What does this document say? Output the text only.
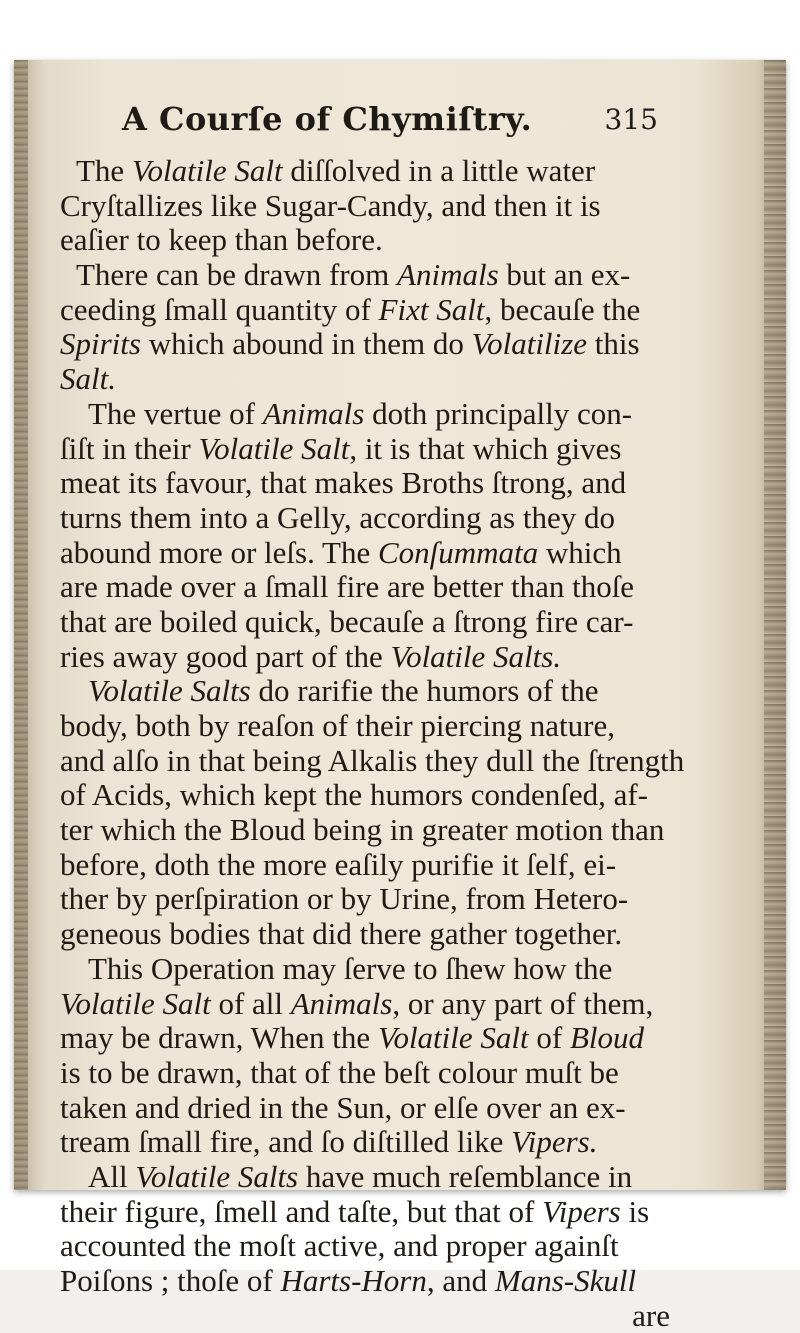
A Courſe of Chymiſtry.	315
The Volatile Salt diſſolved in a little water
Cryſtallizes like Sugar-Candy, and then it is
eaſier to keep than before.
There can be drawn from Animals but an ex-
ceeding ſmall quantity of Fixt Salt, becauſe the
Spirits which abound in them do Volatilize this
Salt.
The vertue of Animals doth principally con-
ſiſt in their Volatile Salt, it is that which gives
meat its favour, that makes Broths ſtrong, and
turns them into a Gelly, according as they do
abound more or leſs. The Conſummata which
are made over a ſmall fire are better than thoſe
that are boiled quick, becauſe a ſtrong fire car-
ries away good part of the Volatile Salts.
Volatile Salts do rarifie the humors of the
body, both by reaſon of their piercing nature,
and alſo in that being Alkalis they dull the ſtrength
of Acids, which kept the humors condenſed, af-
ter which the Bloud being in greater motion than
before, doth the more eaſily purifie it ſelf, ei-
ther by perſpiration or by Urine, from Hetero-
geneous bodies that did there gather together.
This Operation may ſerve to ſhew how the
Volatile Salt of all Animals, or any part of them,
may be drawn, When the Volatile Salt of Bloud
is to be drawn, that of the beſt colour muſt be
taken and dried in the Sun, or elſe over an ex-
tream ſmall fire, and ſo diſtilled like Vipers.
All Volatile Salts have much reſemblance in
their figure, ſmell and taſte, but that of Vipers is
accounted the moſt active, and proper againſt
Poiſons ; thoſe of Harts-Horn, and Mans-Skull
are
